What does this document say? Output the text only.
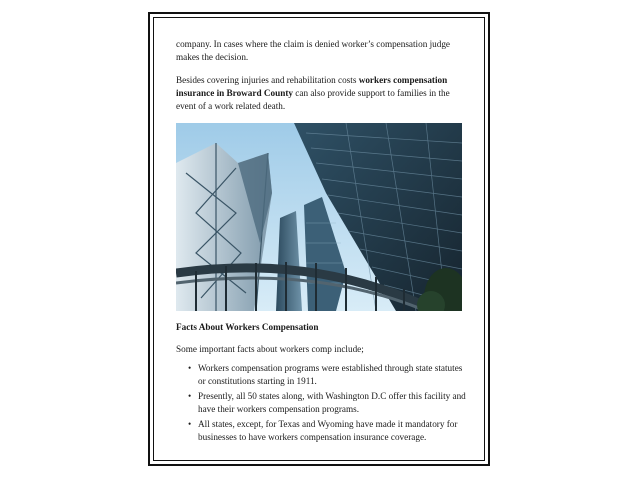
company. In cases where the claim is denied worker’s compensation judge makes the decision.

Besides covering injuries and rehabilitation costs workers compensation insurance in Broward County can also provide support to families in the event of a work related death.

Facts About Workers Compensation

Some important facts about workers comp include;

• Workers compensation programs were established through state statutes or constitutions starting in 1911.
• Presently, all 50 states along, with Washington D.C offer this facility and have their workers compensation programs.
• All states, except, for Texas and Wyoming have made it mandatory for businesses to have workers compensation insurance coverage.
